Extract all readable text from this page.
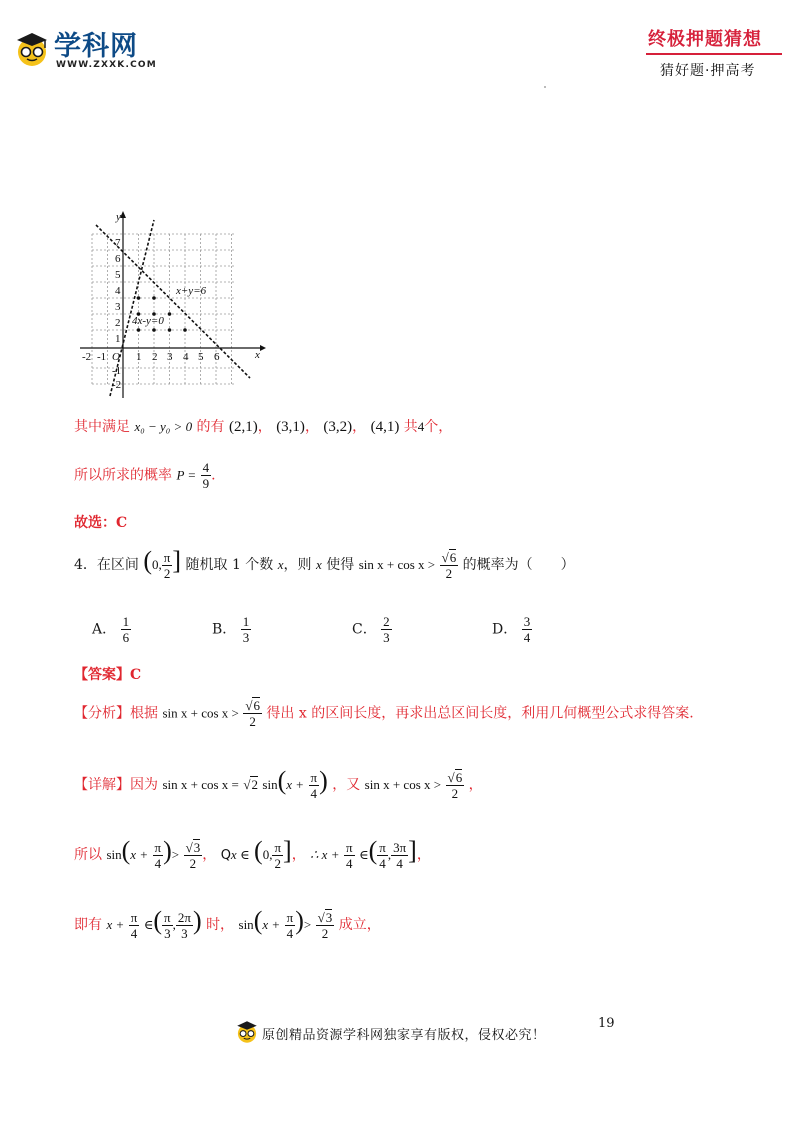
学科网
WWW.ZXXK.COM
终极押题猜想
猜好题·押高考
y
x
O
x+y=6
4x-y=0
-2 -1	1 2 3 4 5 6
7
6
5
4
3
2
1
-1
-2
其中满足 x₀ − y₀ > 0 的有 (2,1)， (3,1)， (3,2)， (4,1) 共4个，
所以所求的概率 $P = \frac{4}{9}$ .
故选：C
4．在区间 (0, $\frac{\pi}{2}$ ] 随机取 1 个数 x，则 x 使得 $\sin x + \cos x > \frac{√6}{2}$ 的概率为（　　）
A． $\frac{1}{6}$	B． $\frac{1}{3}$	C． $\frac{2}{3}$	D． $\frac{3}{4}$
【答案】C
【分析】根据 $\sin x + \cos x > \frac{√6}{2}$ 得出 x 的区间长度，再求出总区间长度，利用几何概型公式求得答案.
【详解】因为 sin x + cos x = √2 $\sin(x + \frac{\pi}{4}$ ) ，又 $\sin x + \cos x > \frac{√6}{2}$ ，
所以 $\sin(x + \frac{\pi}{4}$ )> $\frac{√3}{2}$ ， Qx ∈ (0, $\frac{\pi}{2}$ ]， ∴ $x + \frac{\pi}{4}$ ∈( $\frac{\pi}{4}$ , $\frac{3\pi}{4}$ ]，
即有 $x + \frac{\pi}{4}$ ∈( $\frac{\pi}{3}$ , $\frac{2\pi}{3}$ ) 时， $\sin(x + \frac{\pi}{4}$ )> $\frac{√3}{2}$ 成立，
原创精品资源学科网独家享有版权，侵权必究！
19
